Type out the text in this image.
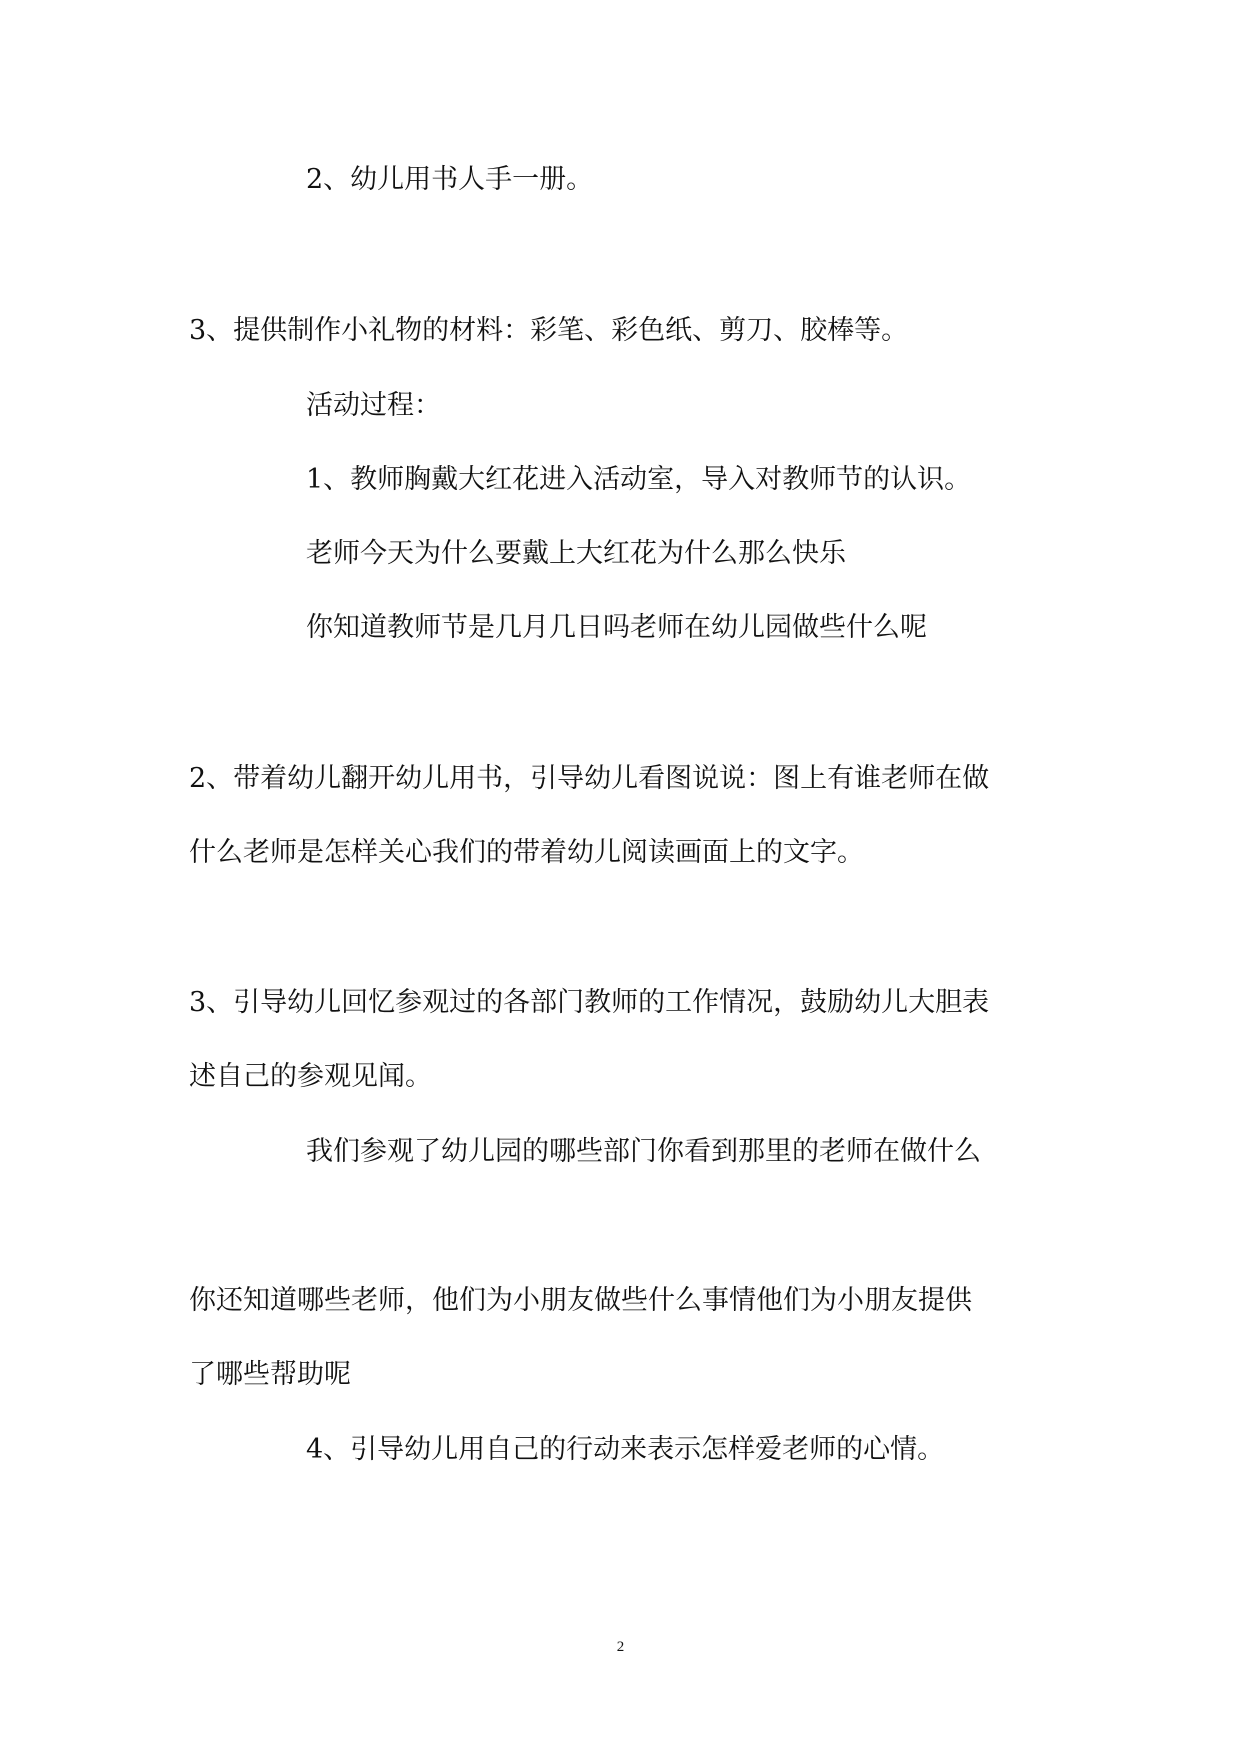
2、幼儿用书人手一册。
3、提供制作小礼物的材料：彩笔、彩色纸、剪刀、胶棒等。
活动过程：
1、教师胸戴大红花进入活动室，导入对教师节的认识。
老师今天为什么要戴上大红花为什么那么快乐
你知道教师节是几月几日吗老师在幼儿园做些什么呢
2、带着幼儿翻开幼儿用书，引导幼儿看图说说：图上有谁老师在做
什么老师是怎样关心我们的带着幼儿阅读画面上的文字。
3、引导幼儿回忆参观过的各部门教师的工作情况，鼓励幼儿大胆表
述自己的参观见闻。
我们参观了幼儿园的哪些部门你看到那里的老师在做什么
你还知道哪些老师，他们为小朋友做些什么事情他们为小朋友提供
了哪些帮助呢
4、引导幼儿用自己的行动来表示怎样爱老师的心情。
2
